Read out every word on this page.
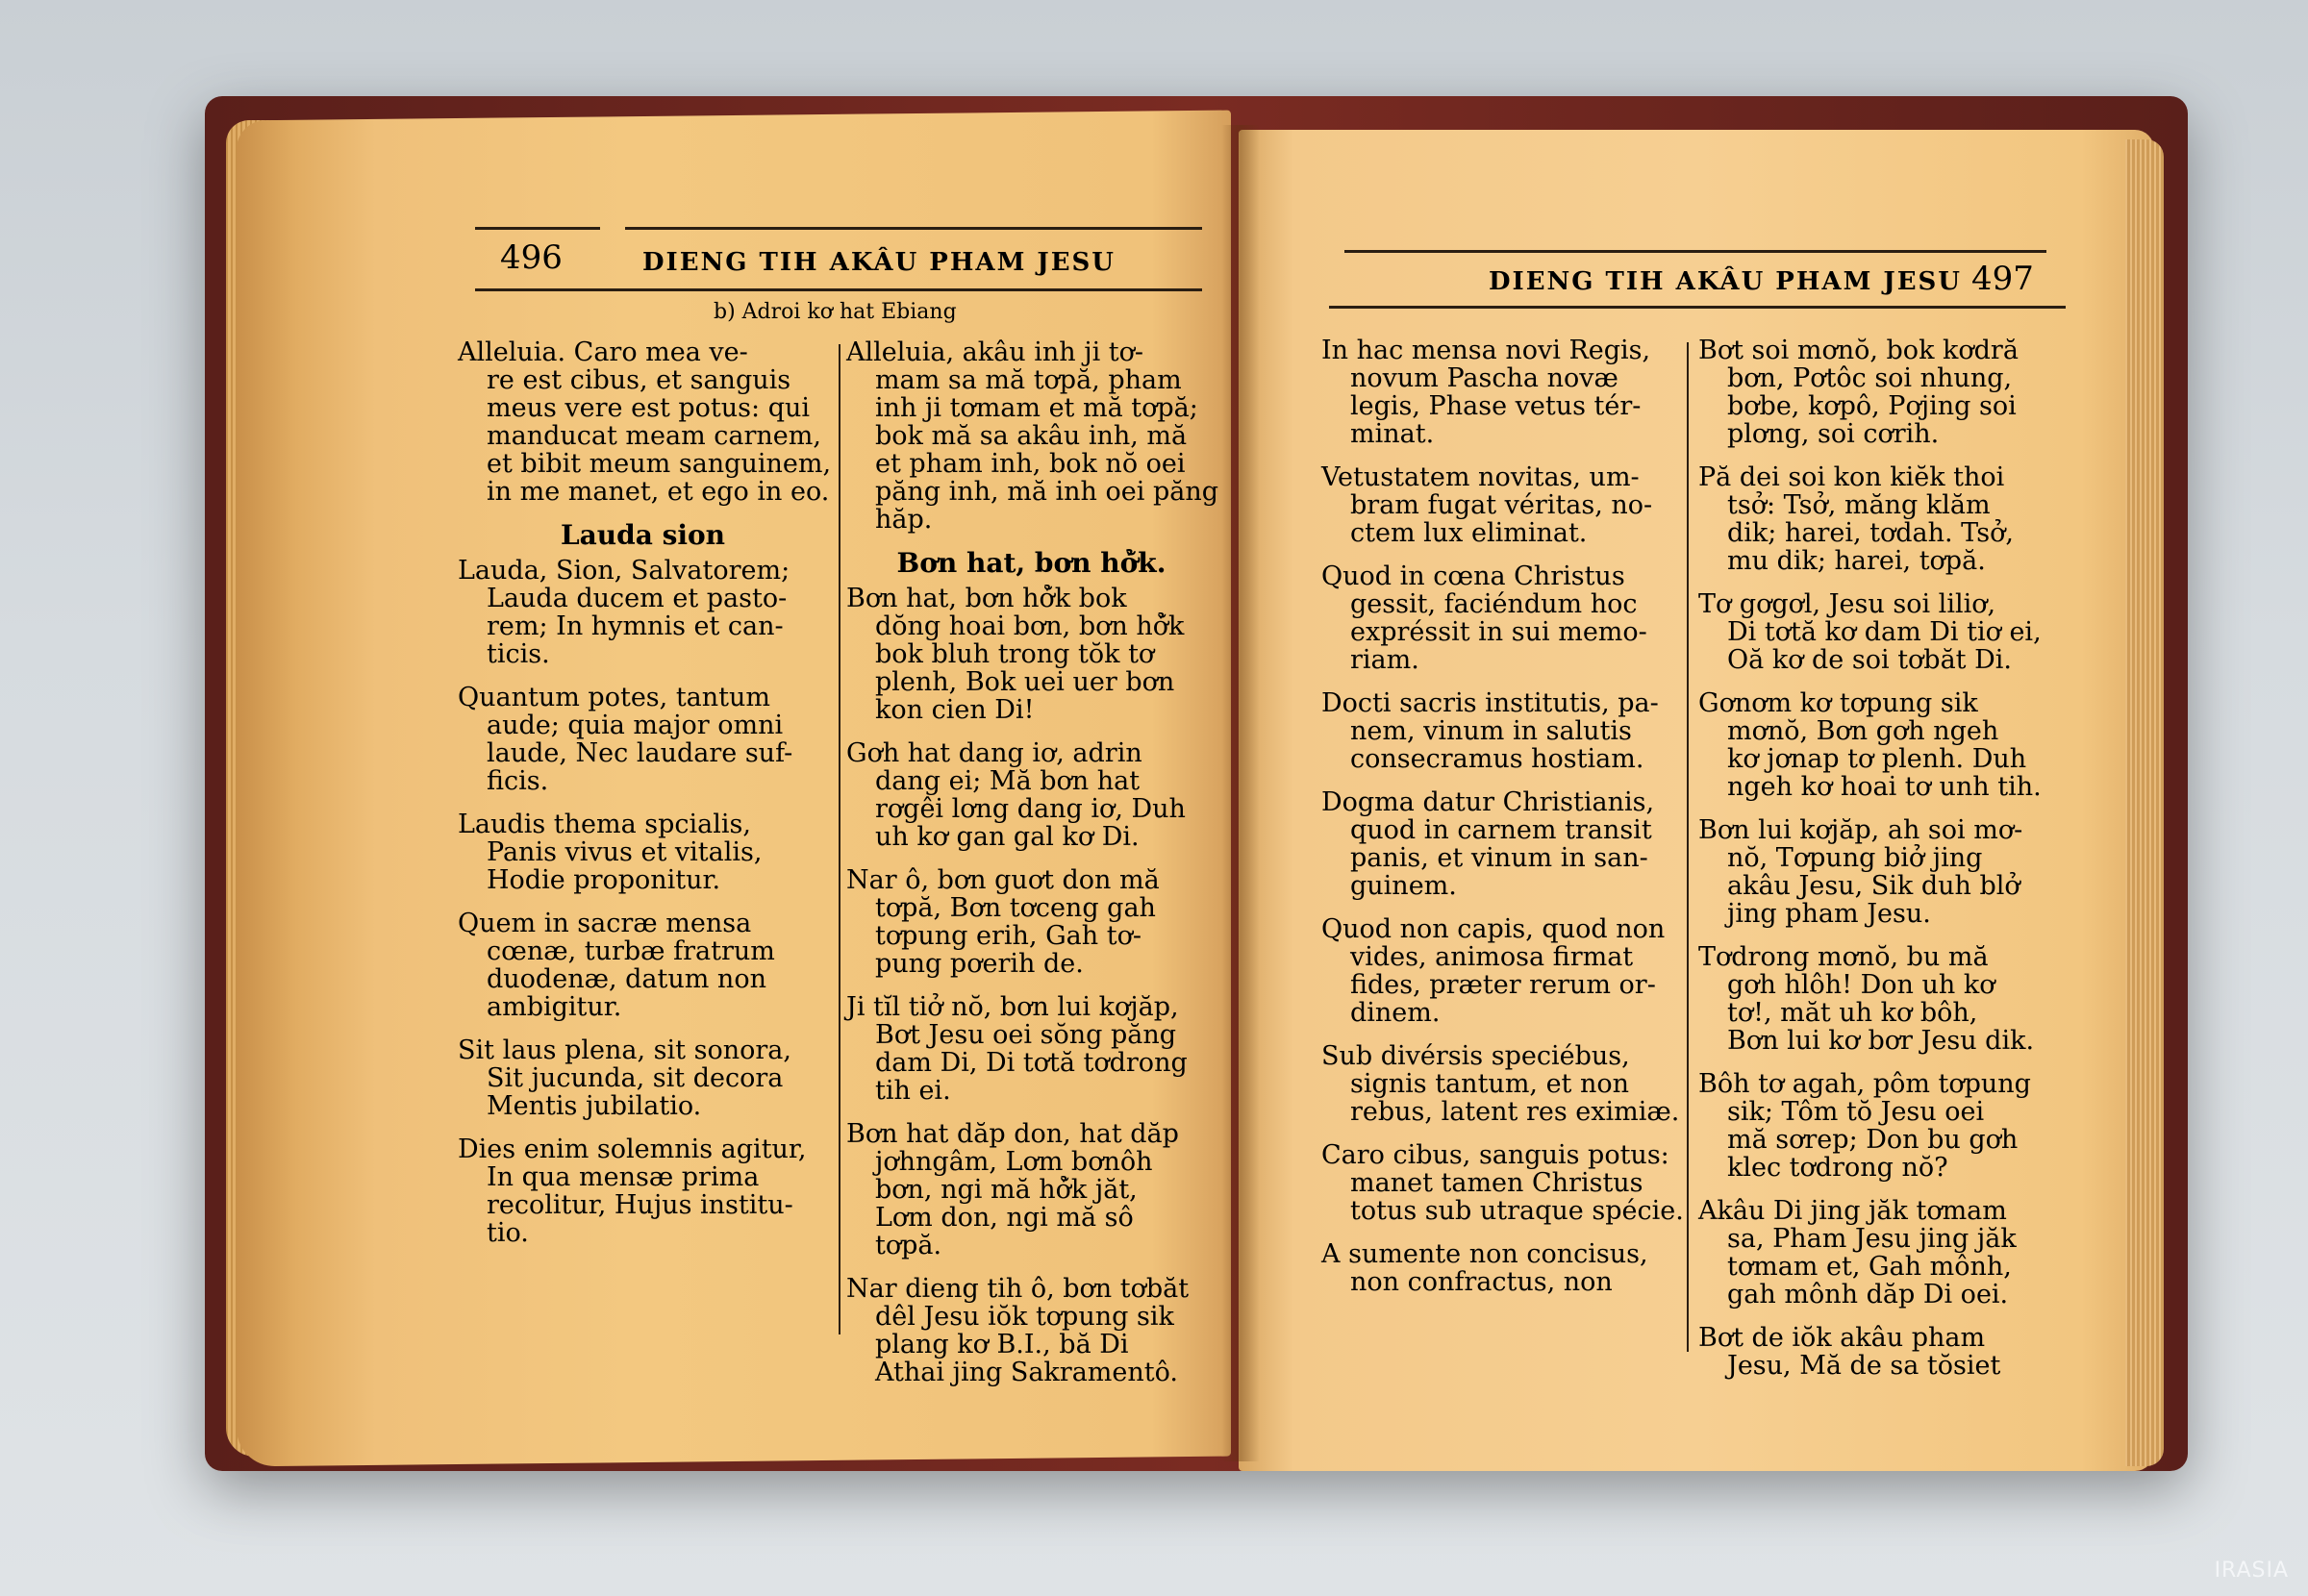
496	DIENG TIH AKÂU PHAM JESU
b) Adroi kơ hat Ebiang
DIENG TIH AKÂU PHAM JESU 497
Alleluia. Caro mea ve-
re est cibus, et sanguis
meus vere est potus: qui
manducat meam carnem,
et bibit meum sanguinem,
in me manet, et ego in eo.
Lauda sion
Lauda, Sion, Salvatorem;
Lauda ducem et pasto-
rem; In hymnis et can-
ticis.
Quantum potes, tantum
aude; quia major omni
laude, Nec laudare suf-
ficis.
Laudis thema spcialis,
Panis vivus et vitalis,
Hodie proponitur.
Quem in sacræ mensa
cœnæ, turbæ fratrum
duodenæ, datum non
ambigitur.
Sit laus plena, sit sonora,
Sit jucunda, sit decora
Mentis jubilatio.
Dies enim solemnis agitur,
In qua mensæ prima
recolitur, Hujus institu-
tio.
Alleluia, akâu inh ji tơ-
mam sa mă tơpă, pham
inh ji tơmam et mă tơpă;
bok mă sa akâu inh, mă
et pham inh, bok nŏ oei
păng inh, mă inh oei păng
hăp.
Bơn hat, bơn hở̆k.
Bơn hat, bơn hở̆k bok
dŏng hoai bơn, bơn hở̆k
bok bluh trong tŏk tơ
plenh, Bok uei uer bơn
kon cien Di!
Gơh hat dang iơ, adrin
dang ei; Mă bơn hat
rơgêi lơng dang iơ, Duh
uh kơ gan gal kơ Di.
Nar ô, bơn guơt don mă
tơpă, Bơn tơceng gah
tơpung erih, Gah tơ-
pung pơerih de.
Ji tĭl tiở nŏ, bơn lui kơjăp,
Bơt Jesu oei sŏng păng
dam Di, Di tơtă tơdrong
tih ei.
Bơn hat dăp don, hat dăp
jơhngâm, Lơm bơnôh
bơn, ngi mă hở̆k jăt,
Lơm don, ngi mă sô
tơpă.
Nar dieng tih ô, bơn tơbăt
dêl Jesu iŏk tơpung sik
plang kơ B.I., bă Di
Athai jing Sakramentô.
In hac mensa novi Regis,
novum Pascha novæ
legis, Phase vetus tér-
minat.
Vetustatem novitas, um-
bram fugat véritas, no-
ctem lux eliminat.
Quod in cœna Christus
gessit, faciéndum hoc
expréssit in sui memo-
riam.
Docti sacris institutis, pa-
nem, vinum in salutis
consecramus hostiam.
Dogma datur Christianis,
quod in carnem transit
panis, et vinum in san-
guinem.
Quod non capis, quod non
vides, animosa firmat
fides, præter rerum or-
dinem.
Sub divérsis speciébus,
signis tantum, et non
rebus, latent res eximiæ.
Caro cibus, sanguis potus:
manet tamen Christus
totus sub utraque spécie.
A sumente non concisus,
non confractus, non
Bơt soi mơnŏ, bok kơdră
bơn, Pơtôc soi nhung,
bơbe, kơpô, Pơjing soi
plơng, soi cơrih.
Pă dei soi kon kiĕk thoi
tsở: Tsở, măng klăm
dik; harei, tơdah. Tsở,
mu dik; harei, tơpă.
Tơ gơgơl, Jesu soi liliơ,
Di tơtă kơ dam Di tiơ ei,
Oă kơ de soi tơbăt Di.
Gơnơm kơ tơpung sik
mơnŏ, Bơn gơh ngeh
kơ jơnap tơ plenh. Duh
ngeh kơ hoai tơ unh tih.
Bơn lui kơjăp, ah soi mơ-
nŏ, Tơpung biở jing
akâu Jesu, Sik duh blở
jing pham Jesu.
Tơdrong mơnŏ, bu mă
gơh hlôh! Don uh kơ
tơ!, măt uh kơ bôh,
Bơn lui kơ bơr Jesu dik.
Bôh tơ agah, pôm tơpung
sik; Tôm tŏ Jesu oei
mă sơrep; Don bu gơh
klec tơdrong nŏ?
Akâu Di jing jăk tơmam
sa, Pham Jesu jing jăk
tơmam et, Gah mônh,
gah mônh dăp Di oei.
Bơt de iŏk akâu pham
Jesu, Mă de sa tŏsiet
IRASIA
